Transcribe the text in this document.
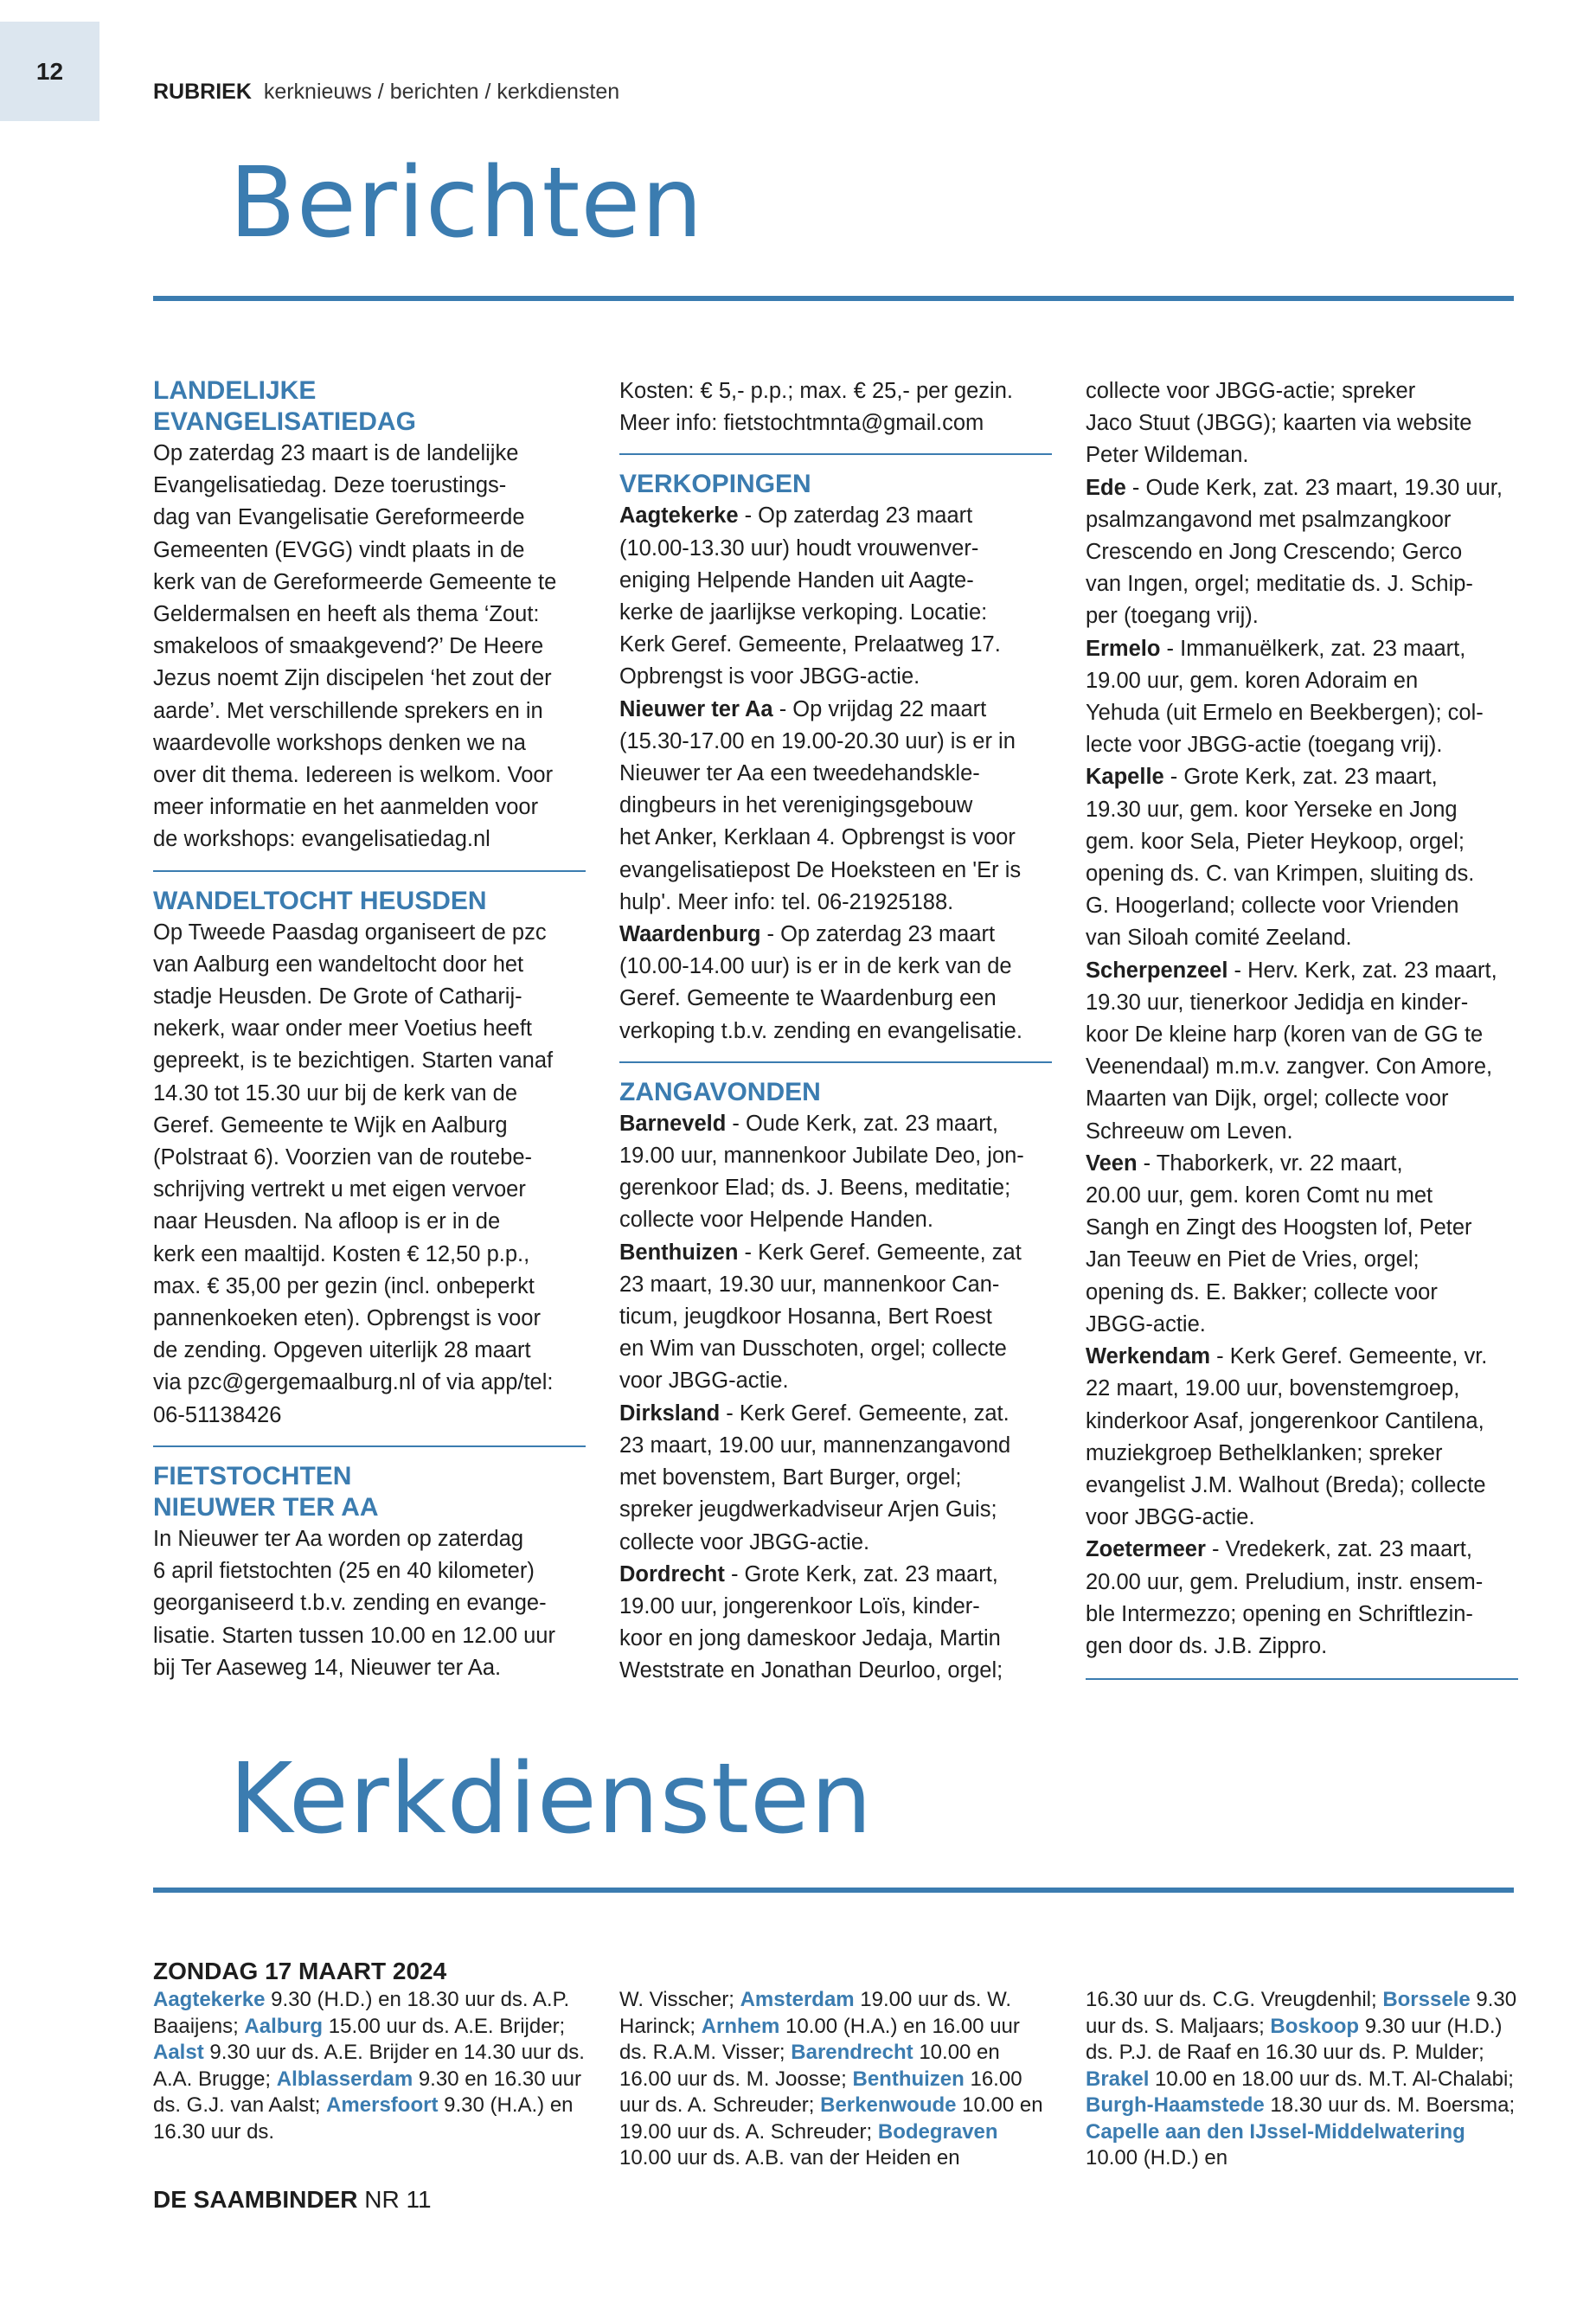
12
RUBRIEK kerknieuws / berichten / kerkdiensten
Berichten
LANDELIJKE
EVANGELISATIEDAG

Op zaterdag 23 maart is de landelijke
Evangelisatiedag. Deze toerustings-
dag van Evangelisatie Gereformeerde
Gemeenten (EVGG) vindt plaats in de
kerk van de Gereformeerde Gemeente te
Geldermalsen en heeft als thema ‘Zout:
smakeloos of smaakgevend?’ De Heere
Jezus noemt Zijn discipelen ‘het zout der
aarde’. Met verschillende sprekers en in
waardevolle workshops denken we na
over dit thema. Iedereen is welkom. Voor
meer informatie en het aanmelden voor
de workshops: evangelisatiedag.nl

WANDELTOCHT HEUSDEN

Op Tweede Paasdag organiseert de pzc
van Aalburg een wandeltocht door het
stadje Heusden. De Grote of Catharij-
nekerk, waar onder meer Voetius heeft
gepreekt, is te bezichtigen. Starten vanaf
14.30 tot 15.30 uur bij de kerk van de
Geref. Gemeente te Wijk en Aalburg
(Polstraat 6). Voorzien van de routebe-
schrijving vertrekt u met eigen vervoer
naar Heusden. Na afloop is er in de
kerk een maaltijd. Kosten € 12,50 p.p.,
max. € 35,00 per gezin (incl. onbeperkt
pannenkoeken eten). Opbrengst is voor
de zending. Opgeven uiterlijk 28 maart
via pzc@gergemaalburg.nl of via app/tel:
06-51138426

FIETSTOCHTEN
NIEUWER TER AA

In Nieuwer ter Aa worden op zaterdag
6 april fietstochten (25 en 40 kilometer)
georganiseerd t.b.v. zending en evange-
lisatie. Starten tussen 10.00 en 12.00 uur
bij Ter Aaseweg 14, Nieuwer ter Aa.

Kosten: € 5,- p.p.; max. € 25,- per gezin.
Meer info: fietstochtmnta@gmail.com

VERKOPINGEN

Aagtekerke - Op zaterdag 23 maart
(10.00-13.30 uur) houdt vrouwenver-
eniging Helpende Handen uit Aagte-
kerke de jaarlijkse verkoping. Locatie:
Kerk Geref. Gemeente, Prelaatweg 17.
Opbrengst is voor JBGG-actie.

Nieuwer ter Aa - Op vrijdag 22 maart
(15.30-17.00 en 19.00-20.30 uur) is er in
Nieuwer ter Aa een tweedehandskle-
dingbeurs in het verenigingsgebouw
het Anker, Kerklaan 4. Opbrengst is voor
evangelisatiepost De Hoeksteen en 'Er is
hulp'. Meer info: tel. 06-21925188.

Waardenburg - Op zaterdag 23 maart
(10.00-14.00 uur) is er in de kerk van de
Geref. Gemeente te Waardenburg een
verkoping t.b.v. zending en evangelisatie.

ZANGAVONDEN

Barneveld - Oude Kerk, zat. 23 maart,
19.00 uur, mannenkoor Jubilate Deo, jon-
gerenkoor Elad; ds. J. Beens, meditatie;
collecte voor Helpende Handen.

Benthuizen - Kerk Geref. Gemeente, zat
23 maart, 19.30 uur, mannenkoor Can-
ticum, jeugdkoor Hosanna, Bert Roest
en Wim van Dusschoten, orgel; collecte
voor JBGG-actie.

Dirksland - Kerk Geref. Gemeente, zat.
23 maart, 19.00 uur, mannenzangavond
met bovenstem, Bart Burger, orgel;
spreker jeugdwerkadviseur Arjen Guis;
collecte voor JBGG-actie.

Dordrecht - Grote Kerk, zat. 23 maart,
19.00 uur, jongerenkoor Loïs, kinder-
koor en jong dameskoor Jedaja, Martin
Weststrate en Jonathan Deurloo, orgel;

collecte voor JBGG-actie; spreker
Jaco Stuut (JBGG); kaarten via website
Peter Wildeman.

Ede - Oude Kerk, zat. 23 maart, 19.30 uur,
psalmzangavond met psalmzangkoor
Crescendo en Jong Crescendo; Gerco
van Ingen, orgel; meditatie ds. J. Schip-
per (toegang vrij).

Ermelo - Immanuëlkerk, zat. 23 maart,
19.00 uur, gem. koren Adoraim en
Yehuda (uit Ermelo en Beekbergen); col-
lecte voor JBGG-actie (toegang vrij).

Kapelle - Grote Kerk, zat. 23 maart,
19.30 uur, gem. koor Yerseke en Jong
gem. koor Sela, Pieter Heykoop, orgel;
opening ds. C. van Krimpen, sluiting ds.
G. Hoogerland; collecte voor Vrienden
van Siloah comité Zeeland.

Scherpenzeel - Herv. Kerk, zat. 23 maart,
19.30 uur, tienerkoor Jedidja en kinder-
koor De kleine harp (koren van de GG te
Veenendaal) m.m.v. zangver. Con Amore,
Maarten van Dijk, orgel; collecte voor
Schreeuw om Leven.

Veen - Thaborkerk, vr. 22 maart,
20.00 uur, gem. koren Comt nu met
Sangh en Zingt des Hoogsten lof, Peter
Jan Teeuw en Piet de Vries, orgel;
opening ds. E. Bakker; collecte voor
JBGG-actie.

Werkendam - Kerk Geref. Gemeente, vr.
22 maart, 19.00 uur, bovenstemgroep,
kinderkoor Asaf, jongerenkoor Cantilena,
muziekgroep Bethelklanken; spreker
evangelist J.M. Walhout (Breda); collecte
voor JBGG-actie.

Zoetermeer - Vredekerk, zat. 23 maart,
20.00 uur, gem. Preludium, instr. ensem-
ble Intermezzo; opening en Schriftlezin-
gen door ds. J.B. Zippro.

Kerkdiensten
ZONDAG 17 MAART 2024

Aagtekerke 9.30 (H.D.) en 18.30 uur ds. A.P. Baaijens; Aalburg 15.00 uur ds. A.E. Brijder; Aalst 9.30 uur ds. A.E. Brijder en 14.30 uur ds. A.A. Brugge; Alblasserdam 9.30 en 16.30 uur ds. G.J. van Aalst; Amersfoort 9.30 (H.A.) en 16.30 uur ds.

W. Visscher; Amsterdam 19.00 uur ds. W. Harinck; Arnhem 10.00 (H.A.) en 16.00 uur ds. R.A.M. Visser; Barendrecht 10.00 en 16.00 uur ds. M. Joosse; Benthuizen 16.00 uur ds. A. Schreuder; Berkenwoude 10.00 en 19.00 uur ds. A. Schreuder; Bodegraven 10.00 uur ds. A.B. van der Heiden en

16.30 uur ds. C.G. Vreugdenhil; Borssele 9.30 uur ds. S. Maljaars; Boskoop 9.30 uur (H.D.) ds. P.J. de Raaf en 16.30 uur ds. P. Mulder; Brakel 10.00 en 18.00 uur ds. M.T. Al-Chalabi; Burgh-Haamstede 18.30 uur ds. M. Boersma; Capelle aan den IJssel-Middelwatering 10.00 (H.D.) en

DE SAAMBINDER NR 11
